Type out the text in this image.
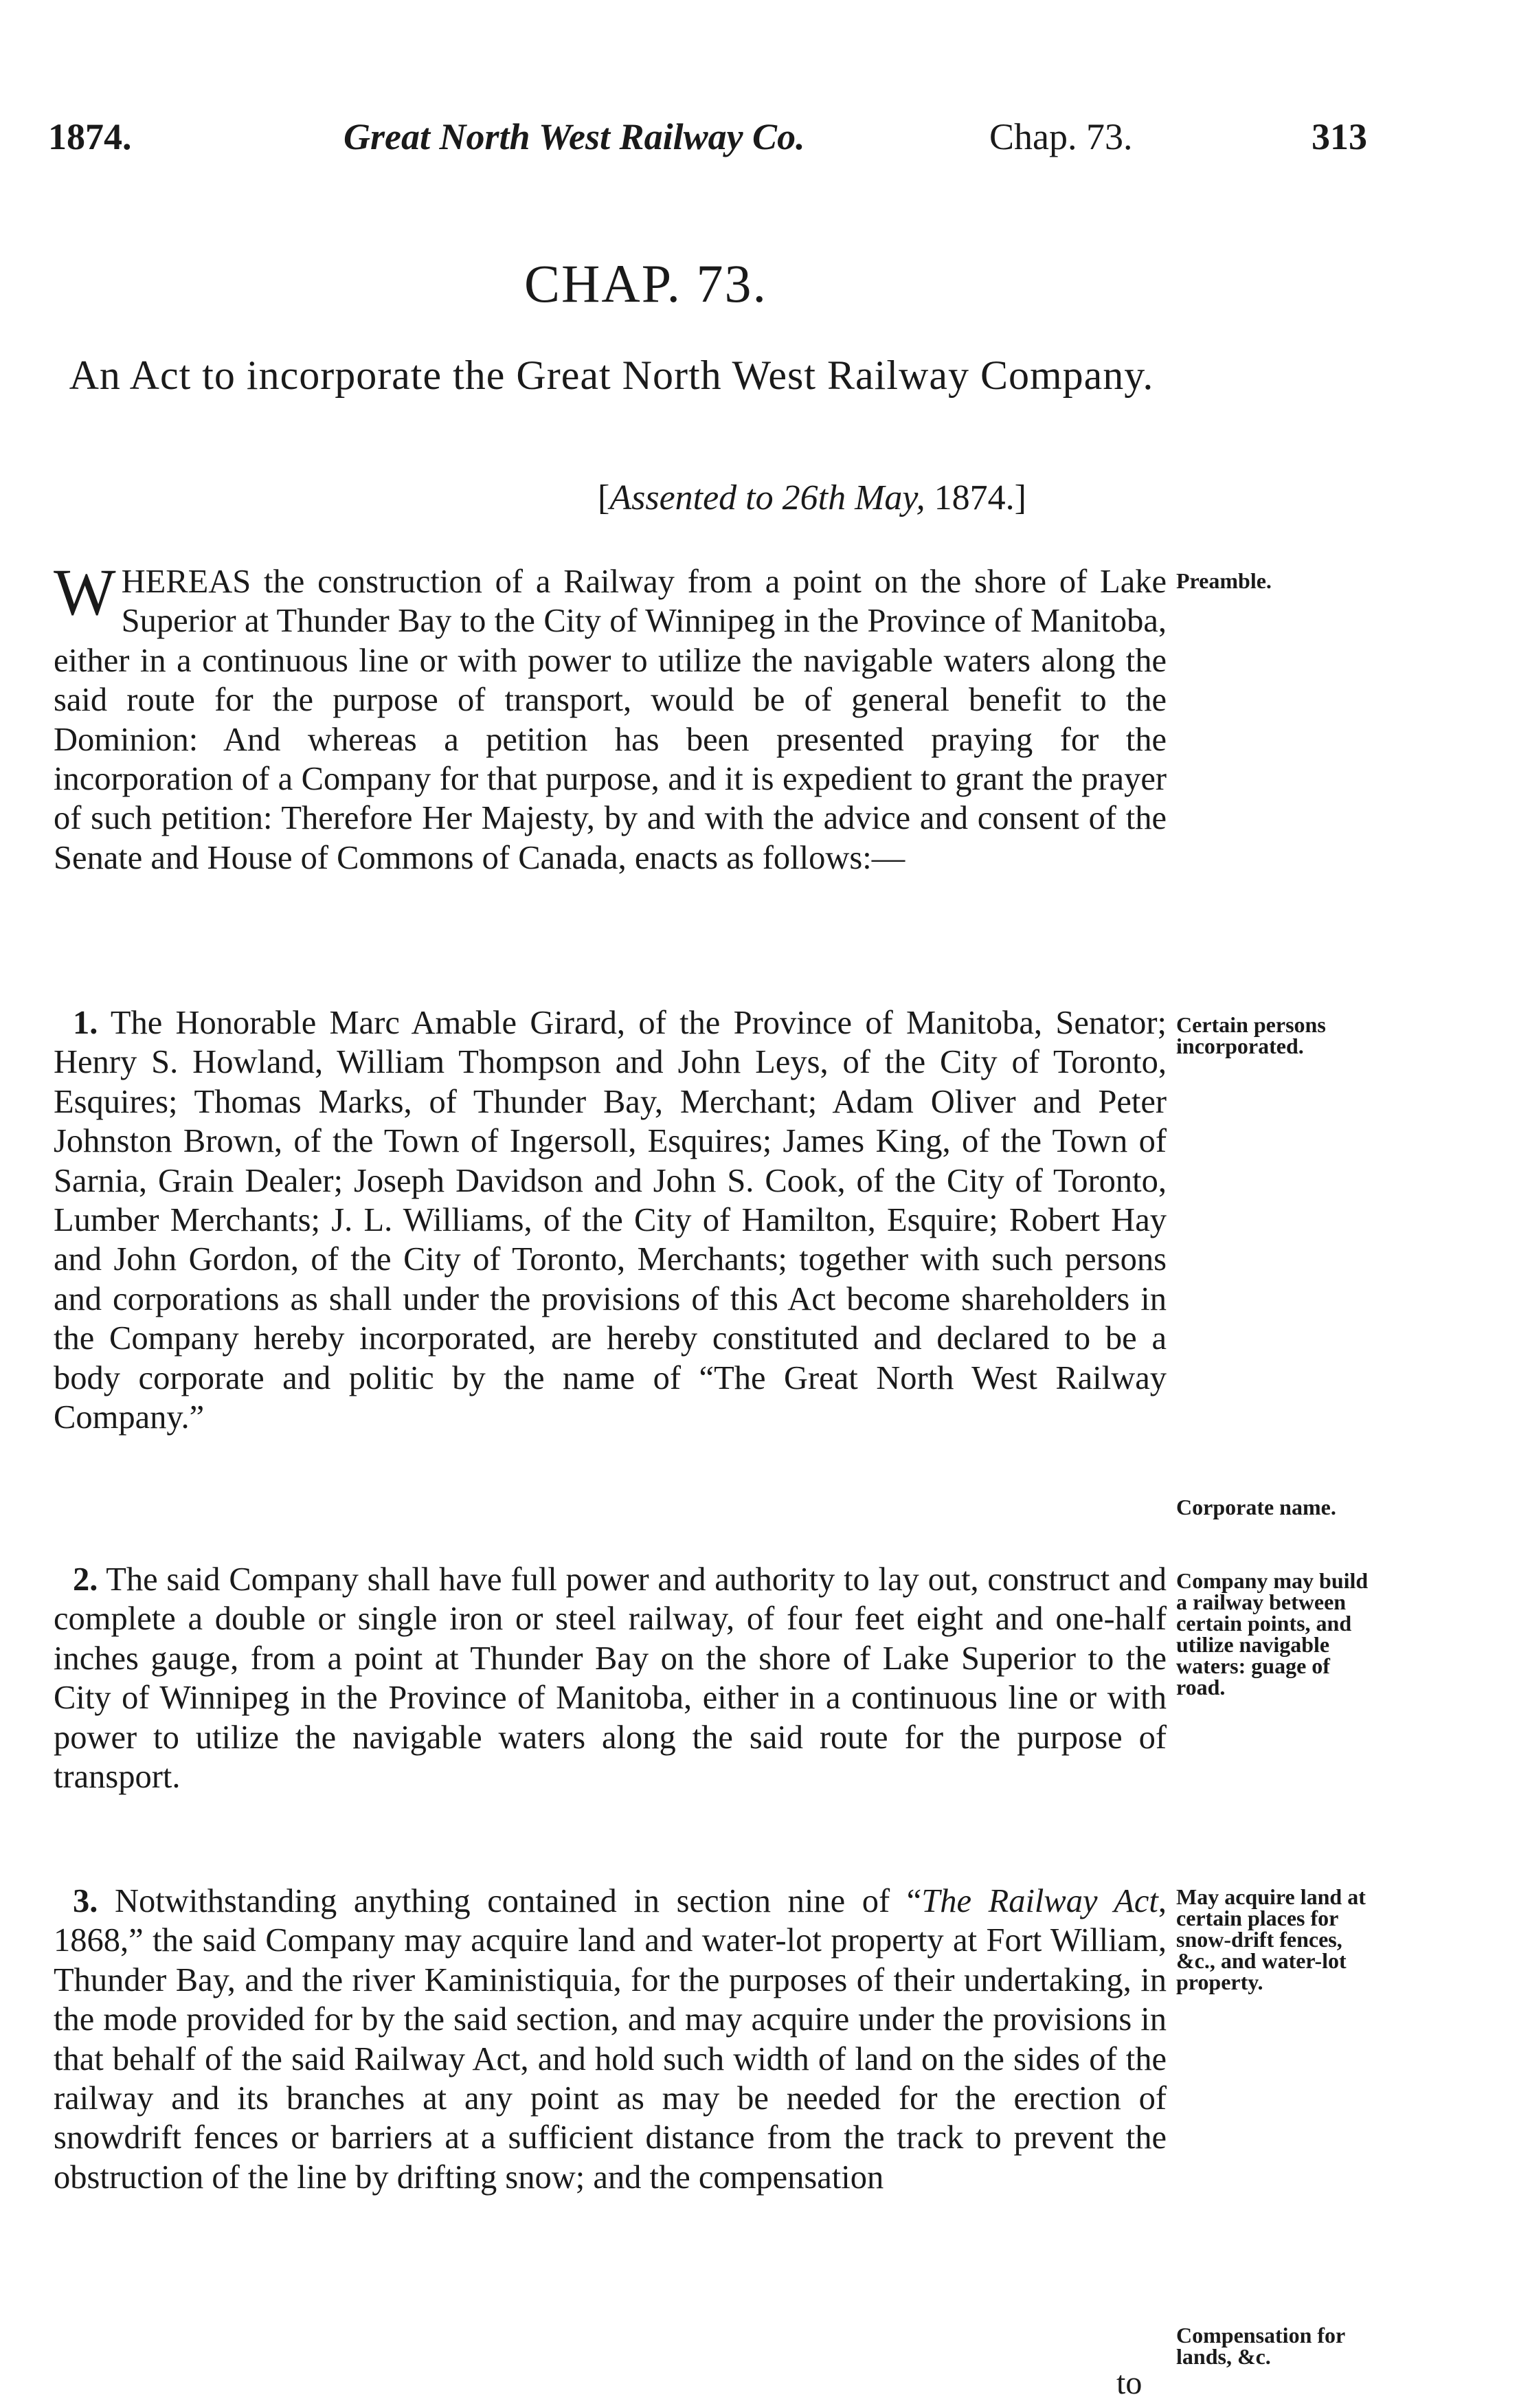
1874.	Great North West Railway Co.	Chap. 73.	313
CHAP. 73.
An Act to incorporate the Great North West Railway Company.
[Assented to 26th May, 1874.]

WHEREAS the construction of a Railway from a point on the shore of Lake Superior at Thunder Bay to the City of Winnipeg in the Province of Manitoba, either in a continuous line or with power to utilize the navigable waters along the said route for the purpose of transport, would be of general benefit to the Dominion: And whereas a petition has been presented praying for the incorporation of a Company for that purpose, and it is expedient to grant the prayer of such petition: Therefore Her Majesty, by and with the advice and consent of the Senate and House of Commons of Canada, enacts as follows:—

1. The Honorable Marc Amable Girard, of the Province of Manitoba, Senator; Henry S. Howland, William Thompson and John Leys, of the City of Toronto, Esquires; Thomas Marks, of Thunder Bay, Merchant; Adam Oliver and Peter Johnston Brown, of the Town of Ingersoll, Esquires; James King, of the Town of Sarnia, Grain Dealer; Joseph Davidson and John S. Cook, of the City of Toronto, Lumber Merchants; J. L. Williams, of the City of Hamilton, Esquire; Robert Hay and John Gordon, of the City of Toronto, Merchants; together with such persons and corporations as shall under the provisions of this Act become shareholders in the Company hereby incorporated, are hereby constituted and declared to be a body corporate and politic by the name of “The Great North West Railway Company.”

2. The said Company shall have full power and authority to lay out, construct and complete a double or single iron or steel railway, of four feet eight and one-half inches gauge, from a point at Thunder Bay on the shore of Lake Superior to the City of Winnipeg in the Province of Manitoba, either in a continuous line or with power to utilize the navigable waters along the said route for the purpose of transport.

3. Notwithstanding anything contained in section nine of “The Railway Act, 1868,” the said Company may acquire land and water-lot property at Fort William, Thunder Bay, and the river Kaministiquia, for the purposes of their undertaking, in the mode provided for by the said section, and may acquire under the provisions in that behalf of the said Railway Act, and hold such width of land on the sides of the railway and its branches at any point as may be needed for the erection of snowdrift fences or barriers at a sufficient distance from the track to prevent the obstruction of the line by drifting snow; and the compensation

to
Preamble.
Certain persons incorporated.
Corporate name.
Company may build a railway between certain points, and utilize navigable waters: guage of road.
May acquire land at certain places for snow-drift fences, &c., and water-lot property.
Compensation for lands, &c.
